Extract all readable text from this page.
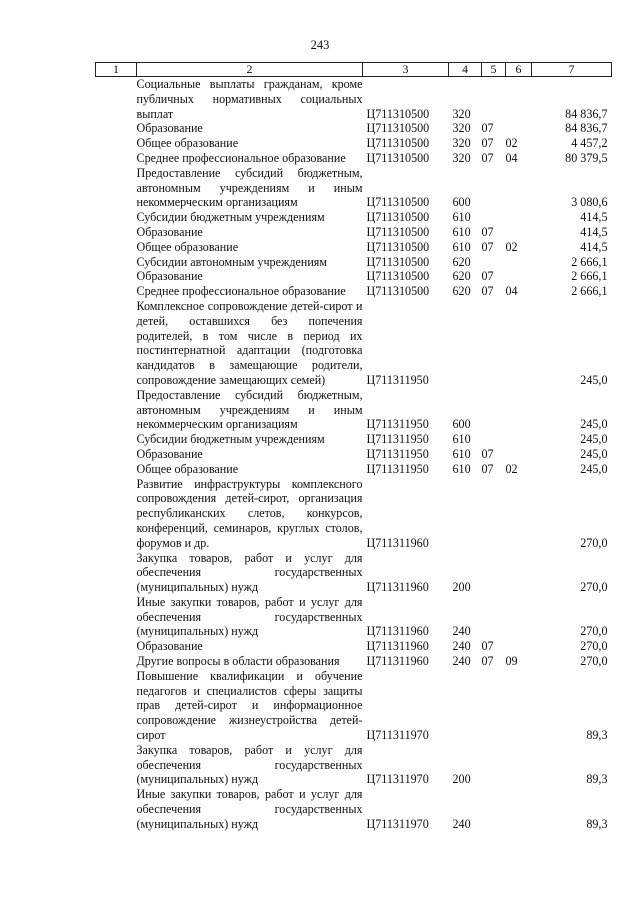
243
1	2	3	4	5	6	7
	Социальные выплаты гражданам, кроме публичных нормативных социальных выплат	Ц711310500	320			84 836,7
	Образование	Ц711310500	320	07		84 836,7
	Общее образование	Ц711310500	320	07	02	4 457,2
	Среднее профессиональное образование	Ц711310500	320	07	04	80 379,5
	Предоставление субсидий бюджетным, автономным учреждениям и иным некоммерческим организациям	Ц711310500	600			3 080,6
	Субсидии бюджетным учреждениям	Ц711310500	610			414,5
	Образование	Ц711310500	610	07		414,5
	Общее образование	Ц711310500	610	07	02	414,5
	Субсидии автономным учреждениям	Ц711310500	620			2 666,1
	Образование	Ц711310500	620	07		2 666,1
	Среднее профессиональное образование	Ц711310500	620	07	04	2 666,1
	Комплексное сопровождение детей-сирот и детей, оставшихся без попечения родителей, в том числе в период их постинтернатной адаптации (подготовка кандидатов в замещающие родители, сопровождение замещающих семей)	Ц711311950				245,0
	Предоставление субсидий бюджетным, автономным учреждениям и иным некоммерческим организациям	Ц711311950	600			245,0
	Субсидии бюджетным учреждениям	Ц711311950	610			245,0
	Образование	Ц711311950	610	07		245,0
	Общее образование	Ц711311950	610	07	02	245,0
	Развитие инфраструктуры комплексного сопровождения детей-сирот, организация республиканских слетов, конкурсов, конференций, семинаров, круглых столов, форумов и др.	Ц711311960				270,0
	Закупка товаров, работ и услуг для обеспечения государственных (муниципальных) нужд	Ц711311960	200			270,0
	Иные закупки товаров, работ и услуг для обеспечения государственных (муниципальных) нужд	Ц711311960	240			270,0
	Образование	Ц711311960	240	07		270,0
	Другие вопросы в области образования	Ц711311960	240	07	09	270,0
	Повышение квалификации и обучение педагогов и специалистов сферы защиты прав детей-сирот и информационное сопровождение жизнеустройства детей-сирот	Ц711311970				89,3
	Закупка товаров, работ и услуг для обеспечения государственных (муниципальных) нужд	Ц711311970	200			89,3
	Иные закупки товаров, работ и услуг для обеспечения государственных (муниципальных) нужд	Ц711311970	240			89,3
